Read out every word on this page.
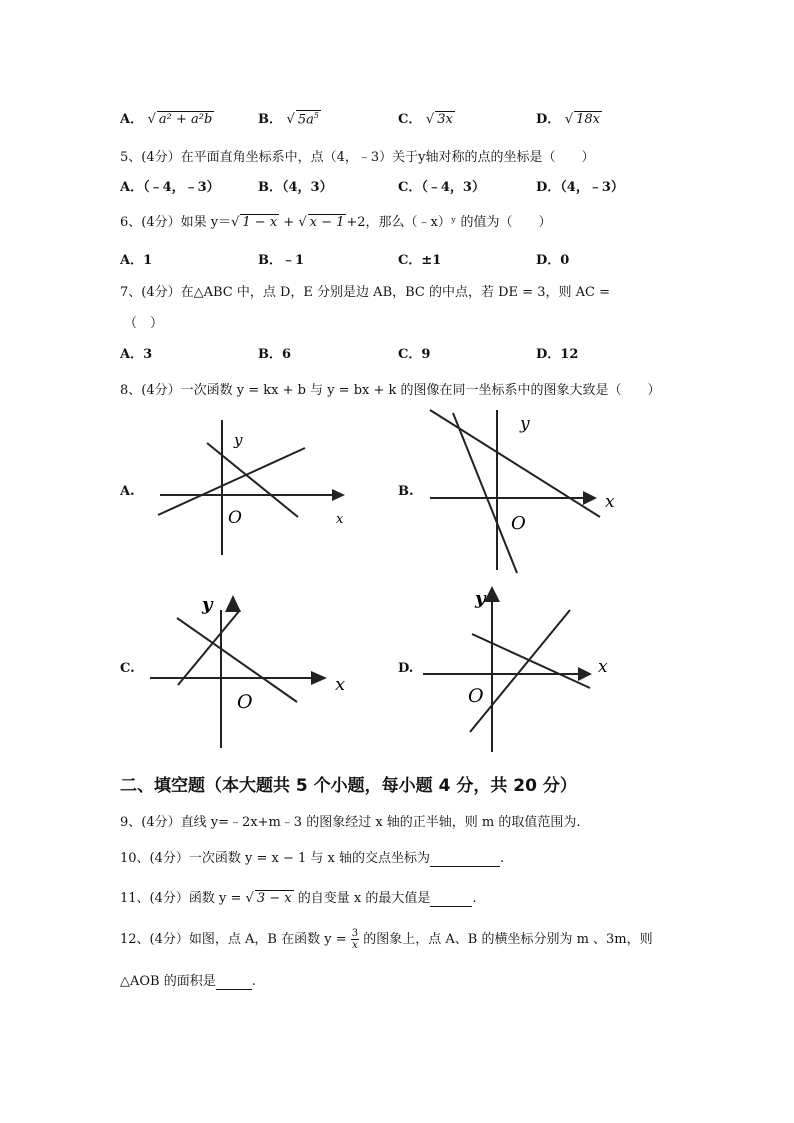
A． √ a² + a²b	B． √ $5a^5$	C． √ 3x	D． √ 18x
5、(4分）在平面直角坐标系中，点（4，﹣3）关于y轴对称的点的坐标是（　　）
A．（﹣4，﹣3）	B．（4，3）	C．（﹣4，3）	D．（4，﹣3）
6、(4分）如果 y＝√ 1 − x + √ x − 1 +2，那么（﹣x）ʸ 的值为（　　）
A．1	B．﹣1	C．±1	D．0
7、(4分）在△ABC 中，点 D，E 分别是边 AB，BC 的中点，若 DE = 3，则 AC =
（　）
A．3	B．6	C．9	D．12
8、(4分）一次函数 y = kx + b 与 y = bx + k 的图像在同一坐标系中的图象大致是（　　）
A.	B.
C.	D.
y
x
O
y
x
O
y
x
O
y
x
O
二、填空题（本大题共 5 个小题，每小题 4 分，共 20 分）
9、(4分）直线 y=﹣2x+m﹣3 的图象经过 x 轴的正半轴，则 m 的取值范围为.
10、(4分）一次函数 y = x − 1 与 x 轴的交点坐标为	.
11、(4分）函数 y = √ 3 − x 的自变量 x 的最大值是	.
12、(4分）如图，点 A，B 在函数 $y = \frac{3}{x}$ 的图象上，点 A、B 的横坐标分别为 m 、3m，则
△AOB 的面积是	.
